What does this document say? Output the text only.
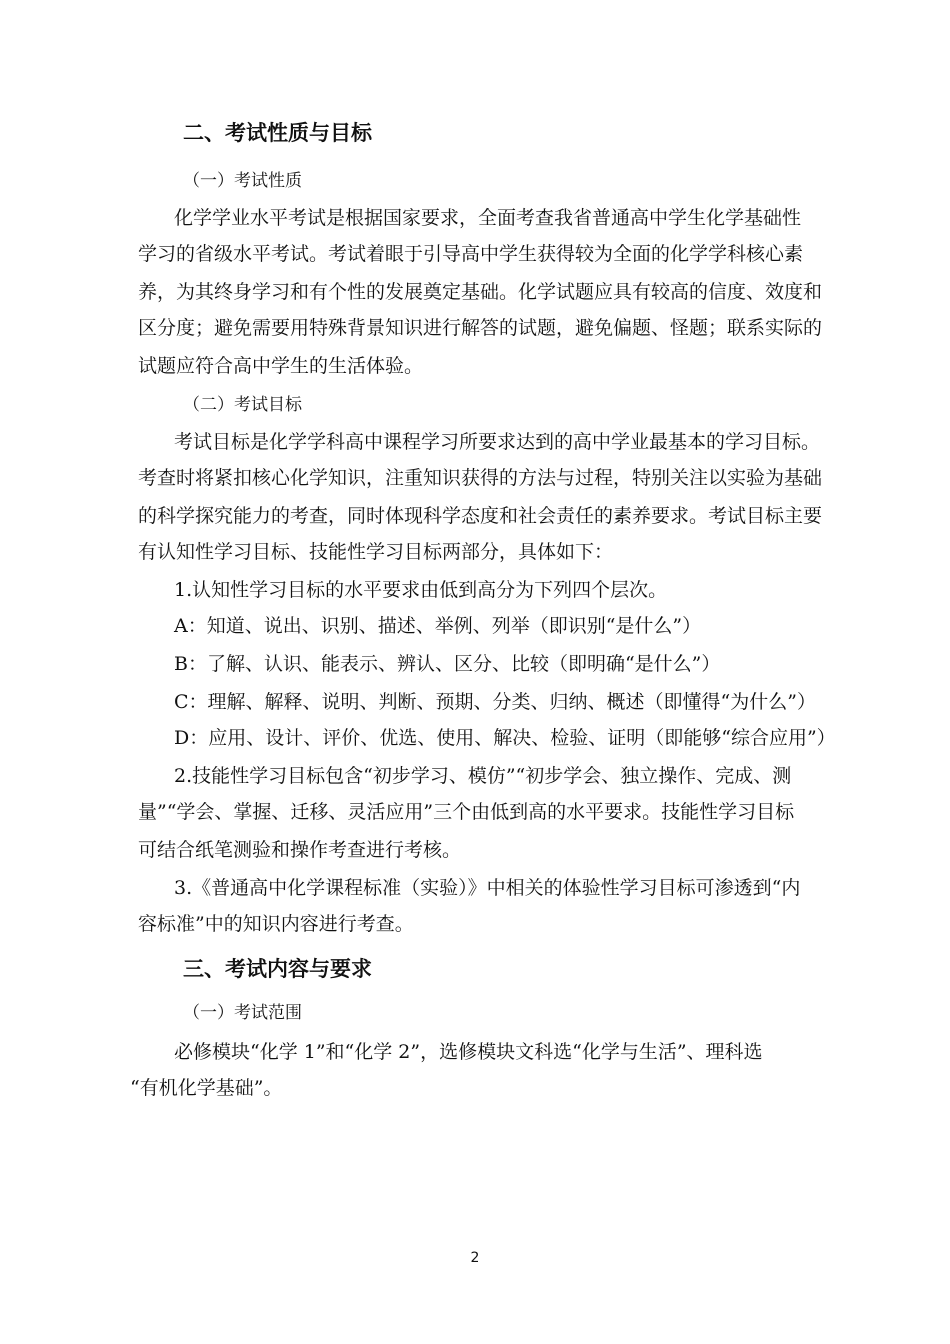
二、考试性质与目标
（一）考试性质
化学学业水平考试是根据国家要求，全面考查我省普通高中学生化学基础性
学习的省级水平考试。考试着眼于引导高中学生获得较为全面的化学学科核心素
养，为其终身学习和有个性的发展奠定基础。化学试题应具有较高的信度、效度和
区分度；避免需要用特殊背景知识进行解答的试题，避免偏题、怪题；联系实际的
试题应符合高中学生的生活体验。
（二）考试目标
考试目标是化学学科高中课程学习所要求达到的高中学业最基本的学习目标。
考查时将紧扣核心化学知识，注重知识获得的方法与过程，特别关注以实验为基础
的科学探究能力的考查，同时体现科学态度和社会责任的素养要求。考试目标主要
有认知性学习目标、技能性学习目标两部分，具体如下：
1.认知性学习目标的水平要求由低到高分为下列四个层次。
A：知道、说出、识别、描述、举例、列举（即识别“是什么”）
B：了解、认识、能表示、辨认、区分、比较（即明确“是什么”）
C：理解、解释、说明、判断、预期、分类、归纳、概述（即懂得“为什么”）
D：应用、设计、评价、优选、使用、解决、检验、证明（即能够“综合应用”）
2.技能性学习目标包含“初步学习、模仿”“初步学会、独立操作、完成、测
量”“学会、掌握、迁移、灵活应用”三个由低到高的水平要求。技能性学习目标
可结合纸笔测验和操作考查进行考核。
3.《普通高中化学课程标准（实验）》中相关的体验性学习目标可渗透到“内
容标准”中的知识内容进行考查。
三、考试内容与要求
（一）考试范围
必修模块“化学 1”和“化学 2”，选修模块文科选“化学与生活”、理科选
“有机化学基础”。
2
